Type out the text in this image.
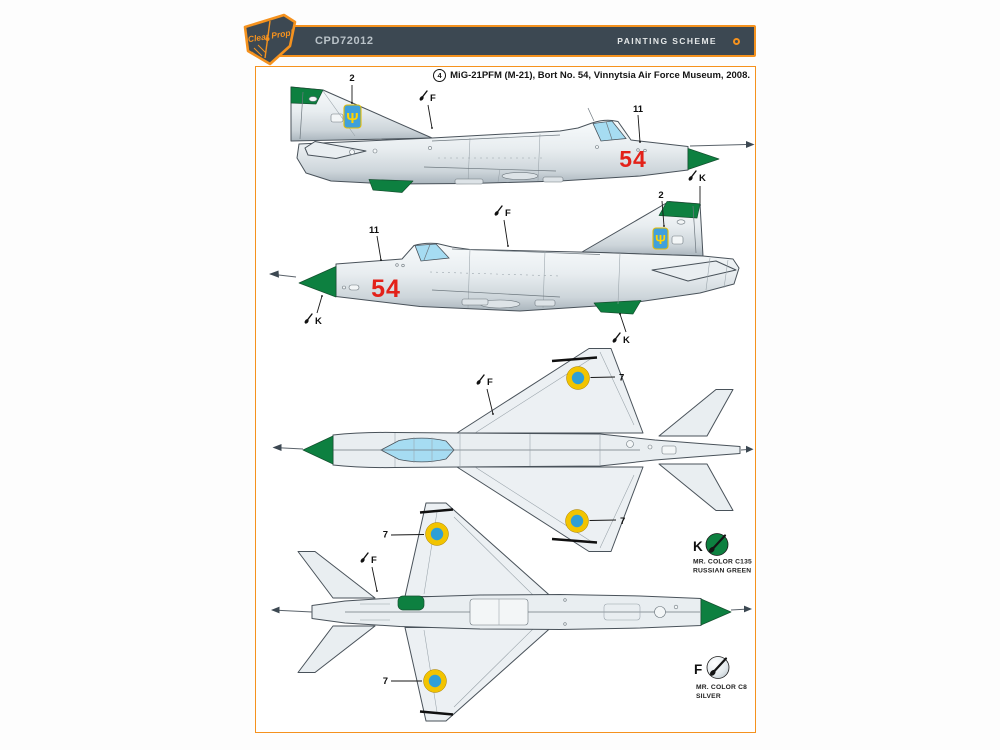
CPD72012	PAINTING SCHEME
Clear Prop!
4 MiG-21PFM (M-21), Bort No. 54, Vinnytsia Air Force Museum, 2008.
Ψ
54
2
F
11
K
Ψ
54
11
F
2
K
K
F	7
7
7
F
7
K
MR. COLOR C135
RUSSIAN GREEN
F
MR. COLOR C8
SILVER
